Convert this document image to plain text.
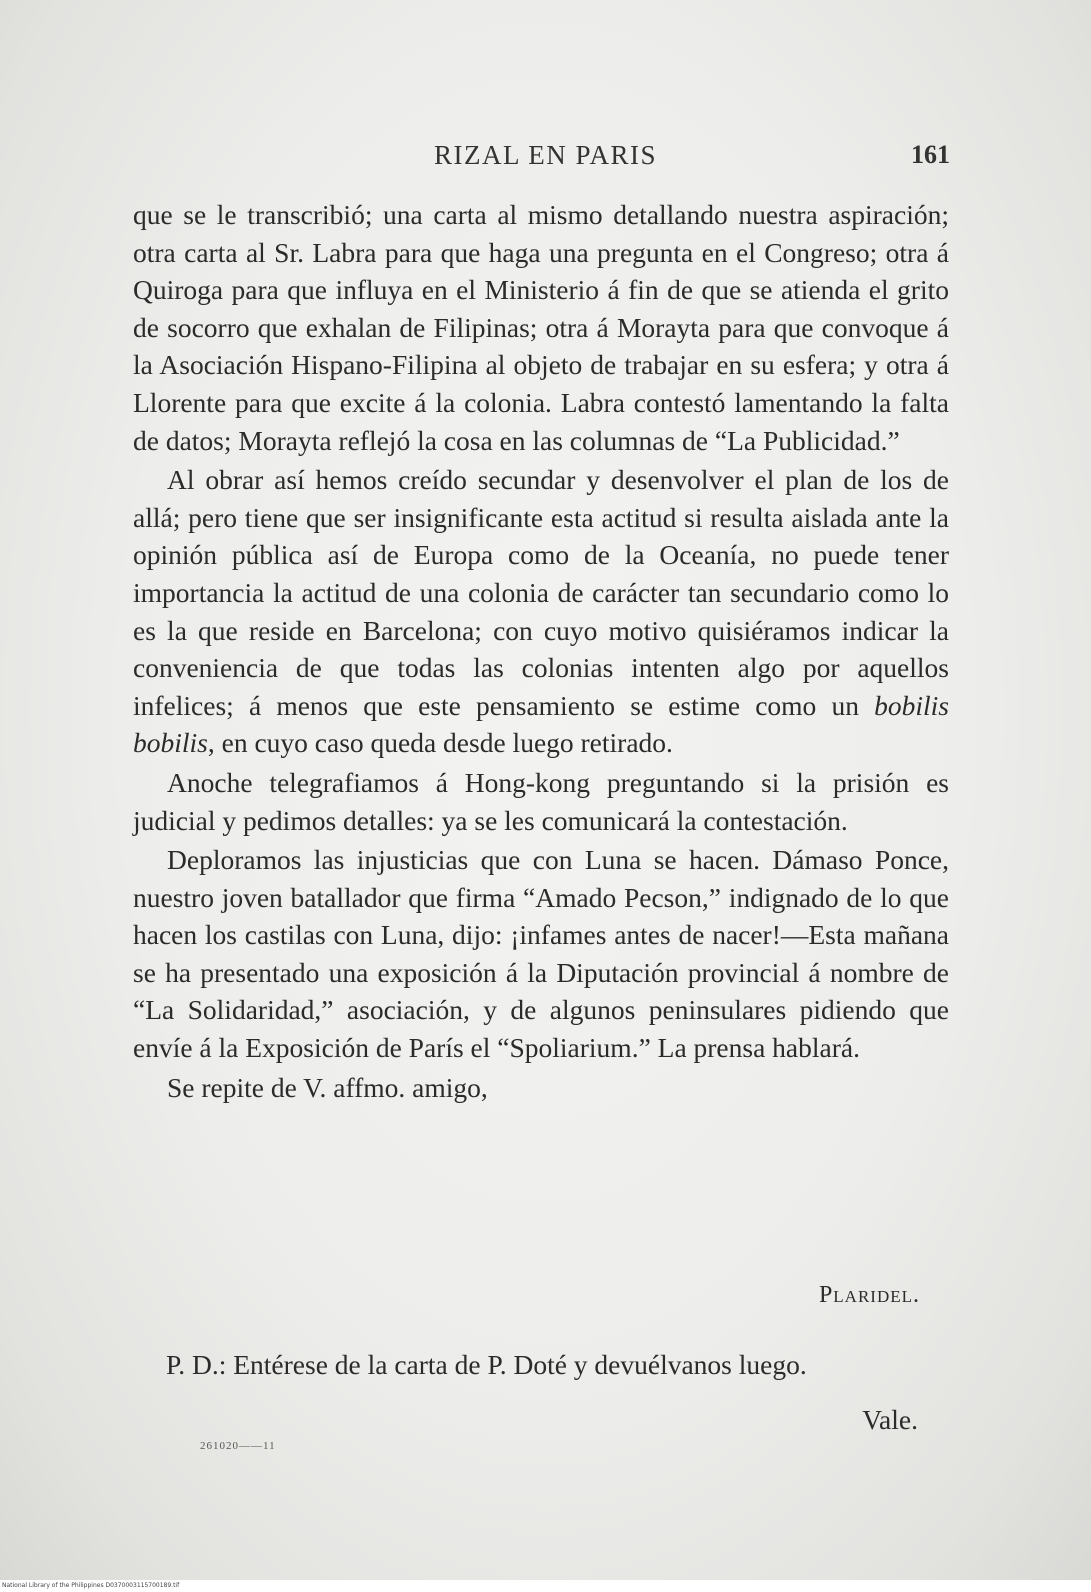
RIZAL EN PARIS	161

que se le transcribió; una carta al mismo detallando nuestra aspiración; otra carta al Sr. Labra para que haga una pregunta en el Congreso; otra á Quiroga para que influya en el Ministerio á fin de que se atienda el grito de socorro que exhalan de Filipinas; otra á Morayta para que convoque á la Asociación Hispano-Filipina al objeto de trabajar en su esfera; y otra á Llorente para que excite á la colonia. Labra contestó lamentando la falta de datos; Morayta reflejó la cosa en las columnas de “La Publicidad.”

Al obrar así hemos creído secundar y desenvolver el plan de los de allá; pero tiene que ser insignificante esta actitud si resulta aislada ante la opinión pública así de Europa como de la Oceanía, no puede tener importancia la actitud de una colonia de carácter tan secundario como lo es la que reside en Barcelona; con cuyo motivo quisiéramos indicar la conveniencia de que todas las colonias intenten algo por aquellos infelices; á menos que este pensamiento se estime como un bobilis bobilis, en cuyo caso queda desde luego retirado.

Anoche telegrafiamos á Hong-kong preguntando si la prisión es judicial y pedimos detalles: ya se les comunicará la contestación.

Deploramos las injusticias que con Luna se hacen. Dámaso Ponce, nuestro joven batallador que firma “Amado Pecson,” indignado de lo que hacen los castilas con Luna, dijo: ¡infames antes de nacer!—Esta mañana se ha presentado una exposición á la Diputación provincial á nombre de “La Solidaridad,” asociación, y de algunos peninsulares pidiendo que envíe á la Exposición de París el “Spoliarium.” La prensa hablará.

Se repite de V. affmo. amigo,

Plaridel.
P. D.: Entérese de la carta de P. Doté y devuélvanos luego.
Vale.
261020——11
National Library of the Philippines D0370003115700189.tif
